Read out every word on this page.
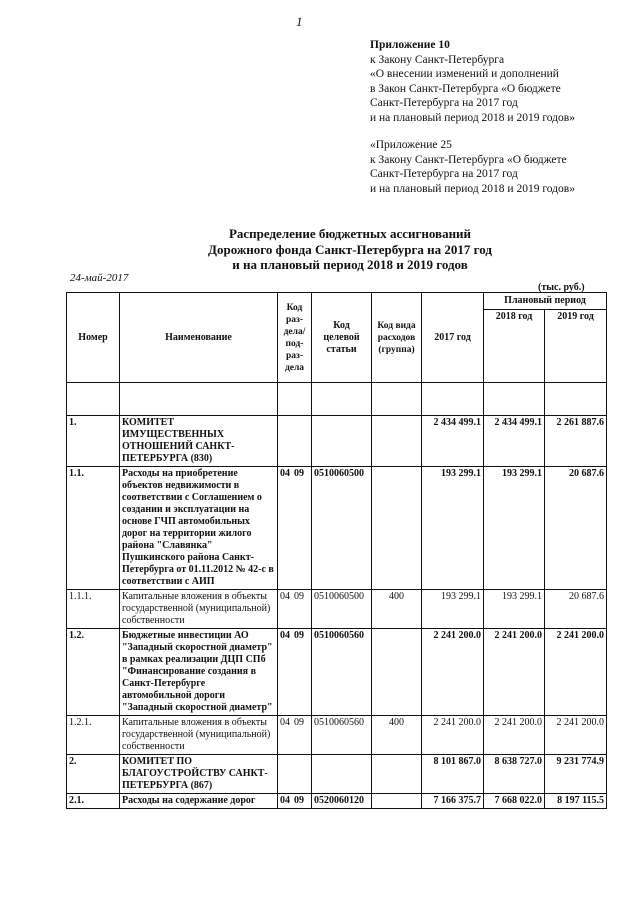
1
Приложение 10
к Закону Санкт-Петербурга
«О внесении изменений и дополнений
в Закон Санкт-Петербурга «О бюджете
Санкт-Петербурга на 2017 год
и на плановый период 2018 и 2019 годов»
«Приложение 25
к Закону Санкт-Петербурга «О бюджете
Санкт-Петербурга на 2017 год
и на плановый период 2018 и 2019 годов»
Распределение бюджетных ассигнований
Дорожного фонда Санкт-Петербурга на 2017 год
и на плановый период 2018 и 2019 годов
24-май-2017
(тыс. руб.)
Номер	Наименование	Код раз-дела/ под-раз-дела	Код целевой статьи	Код вида расходов (группа)	2017 год	Плановый период	
						2018 год	2019 год

1.	КОМИТЕТ ИМУЩЕСТВЕННЫХ ОТНОШЕНИЙ САНКТ-ПЕТЕРБУРГА (830)				2 434 499.1	2 434 499.1	2 261 887.6
1.1.	Расходы на приобретение объектов недвижимости в соответствии с Соглашением о создании и эксплуатации на основе ГЧП автомобильных дорог на территории жилого района "Славянка" Пушкинского района Санкт-Петербурга от 01.11.2012 № 42-с в соответствии с АИП	04 09	0510060500		193 299.1	193 299.1	20 687.6
1.1.1.	Капитальные вложения в объекты государственной (муниципальной) собственности	04 09	0510060500	400	193 299.1	193 299.1	20 687.6
1.2.	Бюджетные инвестиции АО "Западный скоростной диаметр" в рамках реализации ДЦП СПб "Финансирование создания в Санкт-Петербурге автомобильной дороги "Западный скоростной диаметр"	04 09	0510060560		2 241 200.0	2 241 200.0	2 241 200.0
1.2.1.	Капитальные вложения в объекты государственной (муниципальной) собственности	04 09	0510060560	400	2 241 200.0	2 241 200.0	2 241 200.0
2.	КОМИТЕТ ПО БЛАГОУСТРОЙСТВУ САНКТ-ПЕТЕРБУРГА (867)				8 101 867.0	8 638 727.0	9 231 774.9
2.1.	Расходы на содержание дорог	04 09	0520060120		7 166 375.7	7 668 022.0	8 197 115.5
